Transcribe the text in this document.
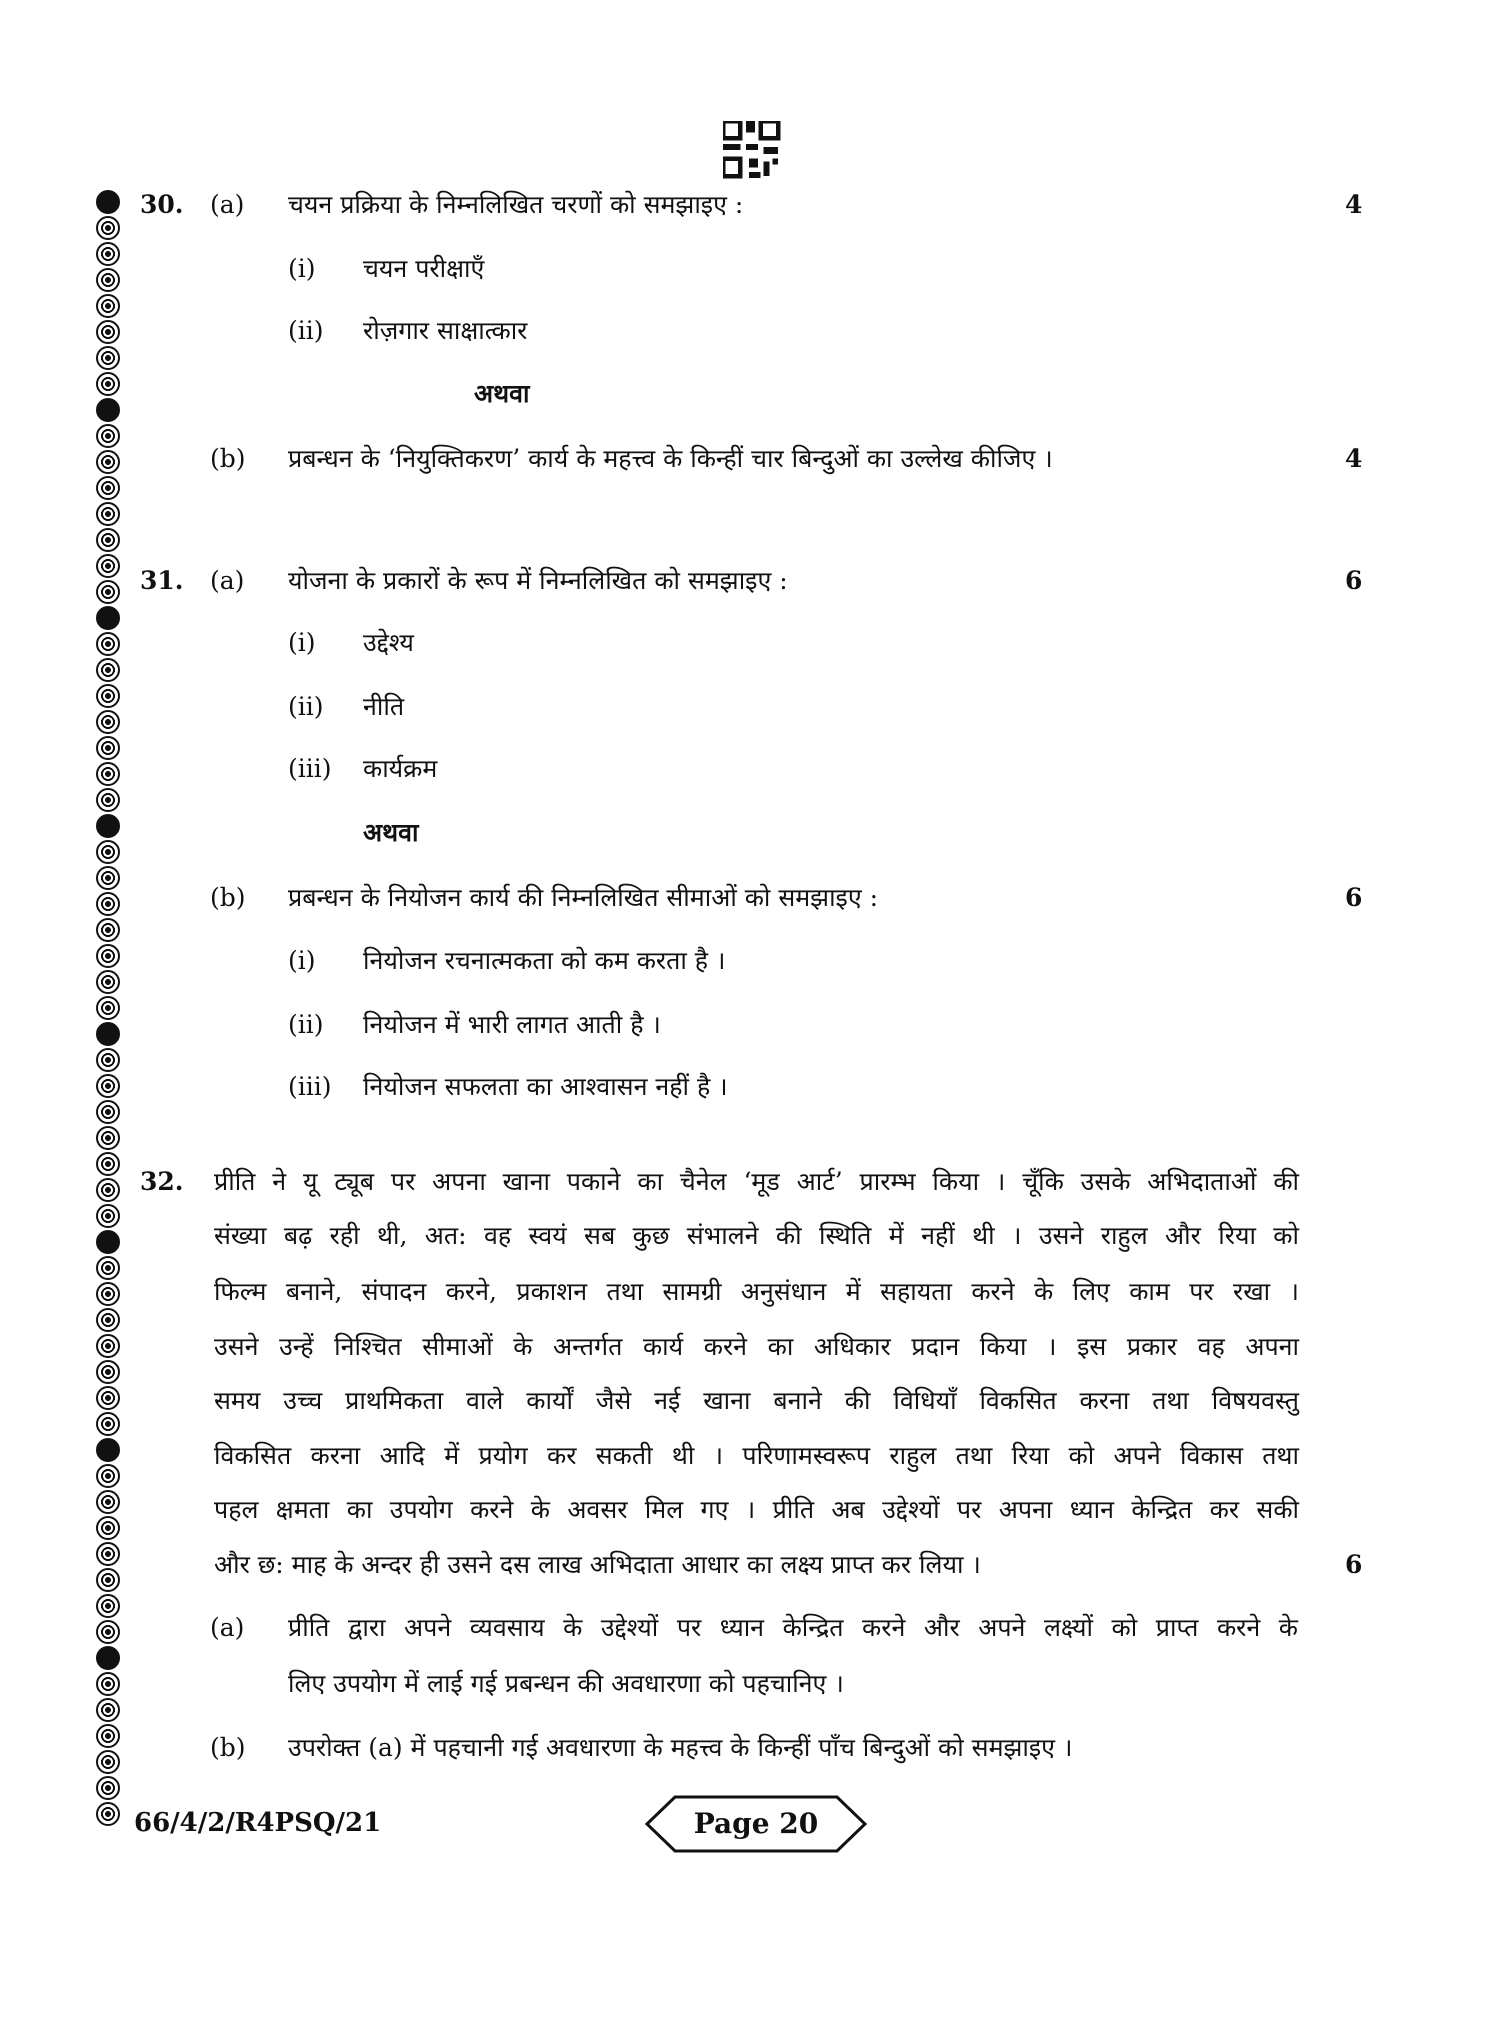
30. (a) चयन प्रक्रिया के निम्नलिखित चरणों को समझाइए :	4
(i) चयन परीक्षाएँ
(ii) रोज़गार साक्षात्कार
अथवा
(b) प्रबन्धन के ‘नियुक्तिकरण’ कार्य के महत्त्व के किन्हीं चार बिन्दुओं का उल्लेख कीजिए ।	4
31. (a) योजना के प्रकारों के रूप में निम्नलिखित को समझाइए :	6
(i) उद्देश्य
(ii) नीति
(iii) कार्यक्रम
अथवा
(b) प्रबन्धन के नियोजन कार्य की निम्नलिखित सीमाओं को समझाइए :	6
(i) नियोजन रचनात्मकता को कम करता है ।
(ii) नियोजन में भारी लागत आती है ।
(iii) नियोजन सफलता का आश्वासन नहीं है ।
32. प्रीति ने यू ट्यूब पर अपना खाना पकाने का चैनेल ‘मूड आर्ट’ प्रारम्भ किया । चूँकि उसके अभिदाताओं की
संख्या बढ़ रही थी, अत: वह स्वयं सब कुछ संभालने की स्थिति में नहीं थी । उसने राहुल और रिया को
फिल्म बनाने, संपादन करने, प्रकाशन तथा सामग्री अनुसंधान में सहायता करने के लिए काम पर रखा ।
उसने उन्हें निश्चित सीमाओं के अन्तर्गत कार्य करने का अधिकार प्रदान किया । इस प्रकार वह अपना
समय उच्च प्राथमिकता वाले कार्यों जैसे नई खाना बनाने की विधियाँ विकसित करना तथा विषयवस्तु
विकसित करना आदि में प्रयोग कर सकती थी । परिणामस्वरूप राहुल तथा रिया को अपने विकास तथा
पहल क्षमता का उपयोग करने के अवसर मिल गए । प्रीति अब उद्देश्यों पर अपना ध्यान केन्द्रित कर सकी
और छ: माह के अन्दर ही उसने दस लाख अभिदाता आधार का लक्ष्य प्राप्त कर लिया ।	6
(a) प्रीति द्वारा अपने व्यवसाय के उद्देश्यों पर ध्यान केन्द्रित करने और अपने लक्ष्यों को प्राप्त करने के
लिए उपयोग में लाई गई प्रबन्धन की अवधारणा को पहचानिए ।
(b) उपरोक्त (a) में पहचानी गई अवधारणा के महत्त्व के किन्हीं पाँच बिन्दुओं को समझाइए ।
66/4/2/R4PSQ/21	Page 20
